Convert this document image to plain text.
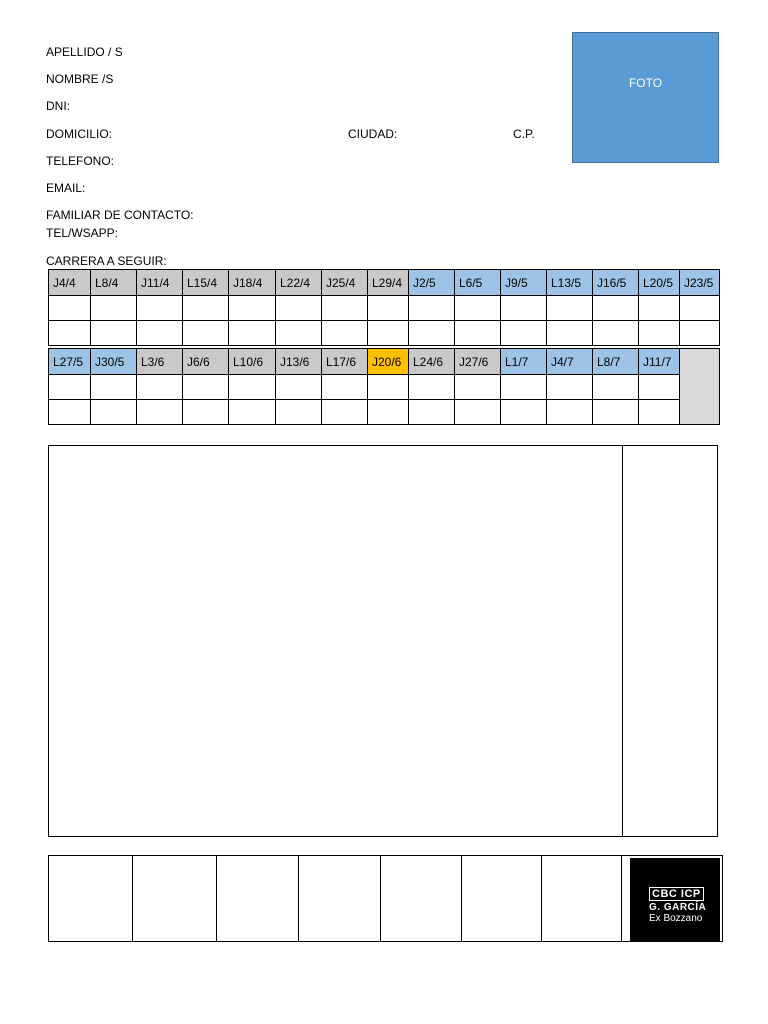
APELLIDO / S
NOMBRE /S
DNI:
DOMICILIO:	CIUDAD:	C.P.
TELEFONO:
EMAIL:
FAMILIAR DE CONTACTO:
TEL/WSAPP:
CARRERA A SEGUIR:
FOTO
J4/4	L8/4	J11/4	L15/4	J18/4	L22/4	J25/4	L29/4	J2/5	L6/5	J9/5	L13/5	J16/5	L20/5	J23/5

L27/5	J30/5	L3/6	J6/6	L10/6	J13/6	L17/6	J20/6	L24/6	J27/6	L1/7	J4/7	L8/7	J11/7	

CBC ICP
G. GARCÍA
Ex Bozzano
